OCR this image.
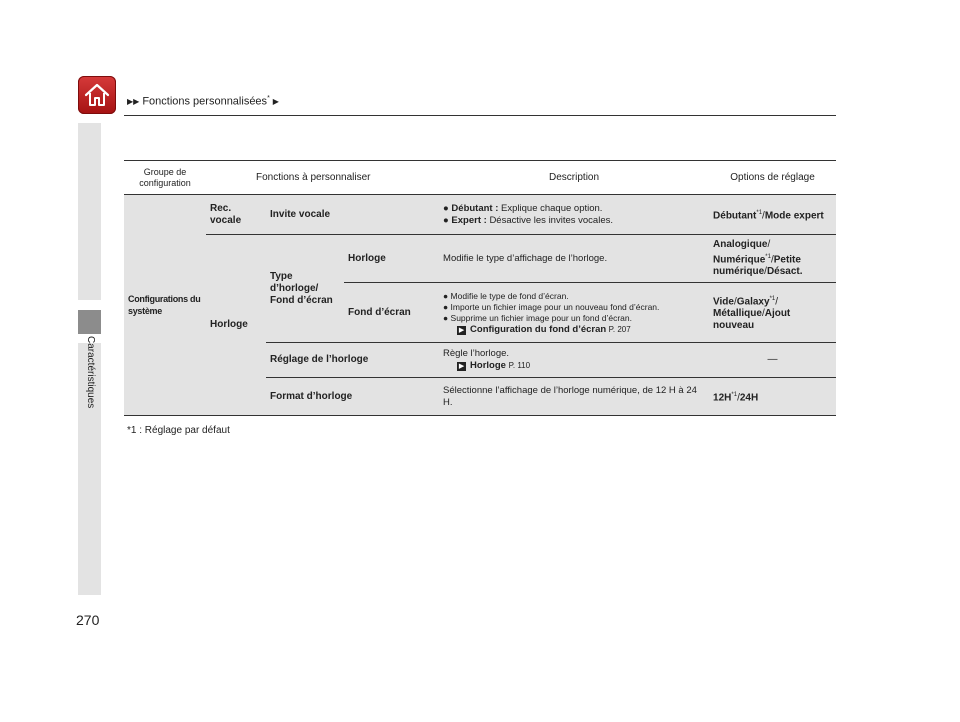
▶▶ Fonctions personnalisées* ▶
Caractéristiques
Groupe de configuration	Fonctions à personnaliser			Description	Options de réglage
Configurations du système	Rec. vocale	Invite vocale		● Débutant : Explique chaque option.
● Expert : Désactive les invites vocales.	Débutant$^{*1}$/Mode expert
	Horloge	Type d’horloge/ Fond d’écran	Horloge	Modifie le type d’affichage de l’horloge.	Analogique/
Numérique$^{*1}$/Petite numérique/Désact.
			Fond d’écran	● Modifie le type de fond d’écran.
● Importe un fichier image pour un nouveau fond d’écran.
● Supprime un fichier image pour un fond d’écran.
▶ Configuration du fond d’écran P. 207	Vide/Galaxy$^{*1}$/
Métallique/Ajout nouveau
		Réglage de l’horloge		Règle l’horloge.
▶ Horloge P. 110	—
		Format d’horloge		Sélectionne l’affichage de l’horloge numérique, de 12 H à 24 H.	$12H^{*1}/24H$
*1 : Réglage par défaut
270
